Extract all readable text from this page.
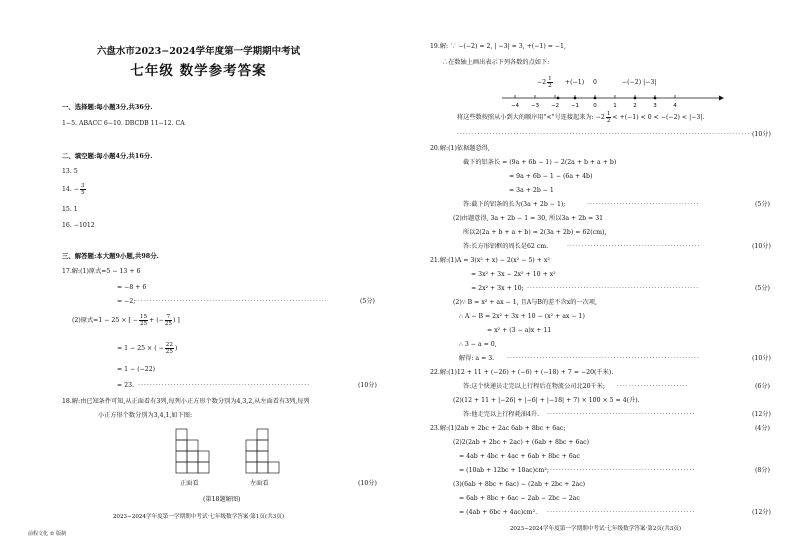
六盘水市2023−2024学年度第一学期期中考试
七年级 数学参考答案
一、选择题:每小题3分,共36分.
1−5. ABACC 6−10. DBCDB 11−12. CA
二、填空题:每小题4分,共16分.
13. 5
14. − $\frac{3}{5}$
15. 1
16. −1012
三、解答题:本大题9小题,共98分.
17.解:(1)原式=5 − 13 + 6
= −8 + 6
= −2; ·································································	(5分)
(2)原式=1 − 25 × [ − $\frac{15}{25}$ + (− $\frac{7}{25}$ ) ]
= 1 − 25 × ( − $\frac{22}{25}$ )
= 1 − (−22)
= 23. ··························································	(10分)
18.解:由已知条件可知,从正面看有3列,每列小正方形个数分别为4,3,2,从左面看有3列,每列
小正方形个数分别为3,4,1,如下图:
正面看	左面看
(第18题解图)
(10分)
2023−2024学年度第一学期期中考试·七年级数学答案·第1页(共3页)
前程文化 © 版制
19.解: ∵ −(−2) = 2, | −3| = 3, +(−1) = −1,
∴在数轴上画出表示下列各数的点如下:
−4 −3 −2 −1	0	1	2	3	4
$-2 \frac{1}{2} +(-1)$ 0	−(−2) |−3|
将这些数按照从小到大的顺序用"<"号连接起来为: $-2 \frac{1}{2} < +(-1) < 0 < -(-2) < |-3|$.
··································································································· (10分)
20.解:(1)依据题意得,
截下的铝条长 = (9a + 6b − 1) − 2(2a + b + a + b)
= 9a + 6b − 1 − (6a + 4b)
= 3a + 2b − 1
答:截下的铝条的长为(3a + 2b − 1);	······································	(5分)
(2)由题意得, 3a + 2b − 1 = 30, 所以3a + 2b = 31
所以2(2a + b + a + b) = 2(3a + 2b) = 62(cm),
答:长方形铝框的周长是62 cm.	·············································	(10分)
21.解:(1)A = 3(x² + x) − 2(x² − 5) + x²
= 3x² + 3x − 2x² + 10 + x²
= 2x² + 3x + 10; ··························································	(5分)
(2)∵ B = x² + ax − 1, 且A与B的差不含x的一次项,
∴ A − B = 2x² + 3x + 10 − (x² + ax − 1)
= x² + (3 − a)x + 11
∴ 3 − a = 0,
解得: a = 3. ·································································	(10分)
22.解:(1)12 + 11 + (−26) + (−6) + (−18) + 7 = −20(千米).
答:这个快递员走完以上行程后在物流公司北20千米; ························	(6分)
(2)(12 + 11 + |−26| + |−6| + |−18| + 7) × 100 × 5 = 4(升).
答:他走完以上行程耗油4升. ··················································	(12分)
23.解:(1)2ab + 2bc + 2ac 6ab + 8bc + 6ac;	(4分)
(2)2(2ab + 2bc + 2ac) + (6ab + 8bc + 6ac)
= 4ab + 4bc + 4ac + 6ab + 8bc + 6ac
= (10ab + 12bc + 10ac)cm²;
··················································	(8分)
(3)(6ab + 8bc + 6ac) − (2ab + 2bc + 2ac)
= 6ab + 8bc + 6ac − 2ab − 2bc − 2ac
= (4ab + 6bc + 4ac)cm². ··················································	(12分)
2023−2024学年度第一学期期中考试·七年级数学答案·第2页(共3页)
